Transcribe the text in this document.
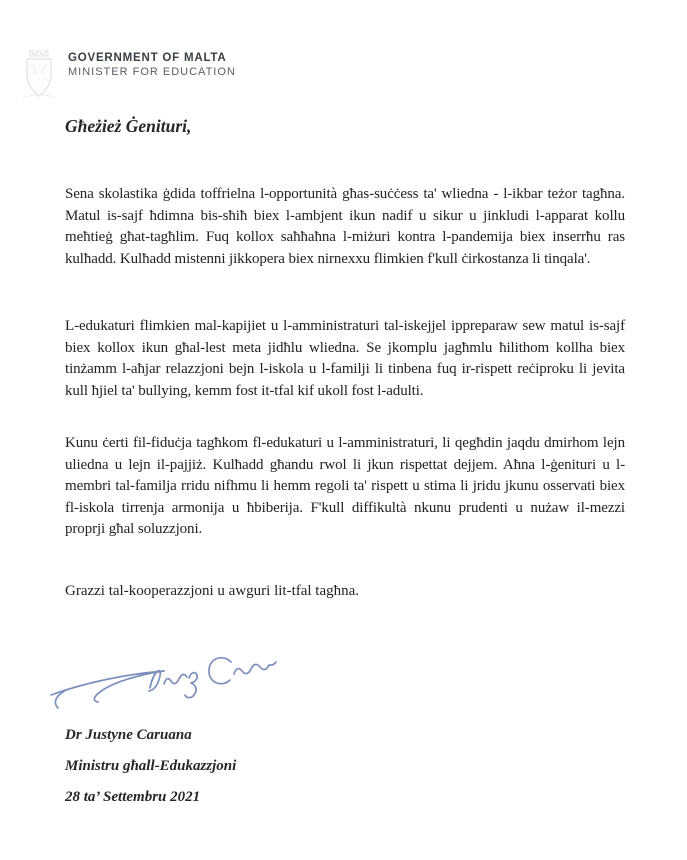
GOVERNMENT OF MALTA
MINISTER FOR EDUCATION

Għeżież Ġenituri,

Sena skolastika ġdida toffrielna l-opportunità għas-suċċess ta' wliedna - l-ikbar teżor tagħna. Matul is-sajf ħdimna bis-sħiħ biex l-ambjent ikun nadif u sikur u jinkludi l-apparat kollu meħtieġ għat-tagħlim. Fuq kollox saħħaħna l-miżuri kontra l-pandemija biex inserrħu ras kulħadd. Kulħadd mistenni jikkopera biex nirnexxu flimkien f'kull ċirkostanza li tinqala'.

L-edukaturi flimkien mal-kapijiet u l-amministraturi tal-iskejjel ippreparaw sew matul is-sajf biex kollox ikun għal-lest meta jidħlu wliedna. Se jkomplu jagħmlu ħilithom kollha biex tinżamm l-aħjar relazzjoni bejn l-iskola u l-familji li tinbena fuq ir-rispett reċiproku li jevita kull ħjiel ta' bullying, kemm fost it-tfal kif ukoll fost l-adulti.

Kunu ċerti fil-fiduċja tagħkom fl-edukaturi u l-amministraturi, li qegħdin jaqdu dmirhom lejn uliedna u lejn il-pajjiż. Kulħadd għandu rwol li jkun rispettat dejjem. Aħna l-ġenituri u l-membri tal-familja rridu nifhmu li hemm regoli ta' rispett u stima li jridu jkunu osservati biex fl-iskola tirrenja armonija u ħbiberija. F'kull diffikultà nkunu prudenti u nużaw il-mezzi proprji għal soluzzjoni.

Grazzi tal-kooperazzjoni u awguri lit-tfal tagħna.

Dr Justyne Caruana

Ministru għall-Edukazzjoni

28 ta’ Settembru 2021
